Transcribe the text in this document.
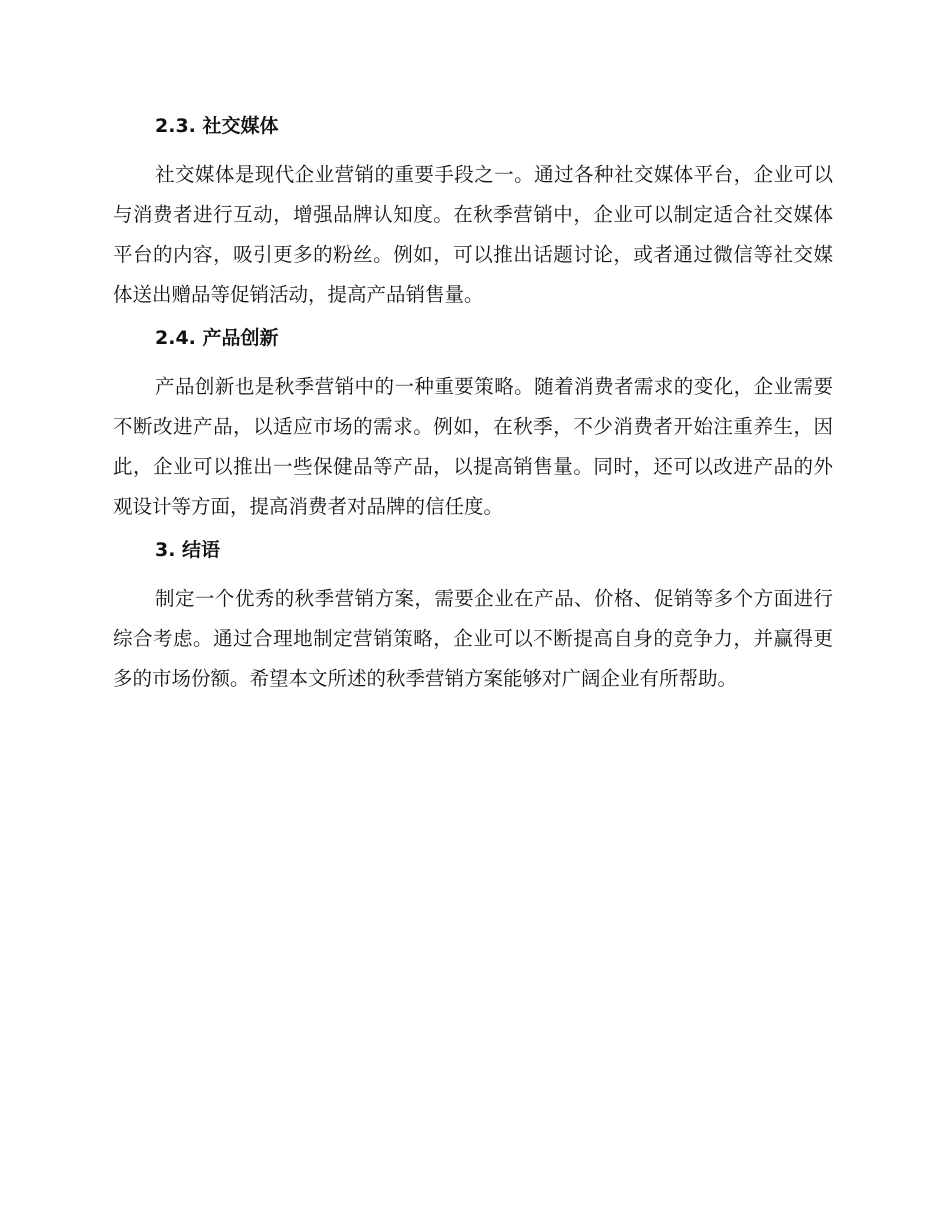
2.3. 社交媒体

社交媒体是现代企业营销的重要手段之一。通过各种社交媒体平台，企业可以与消费者进行互动，增强品牌认知度。在秋季营销中，企业可以制定适合社交媒体平台的内容，吸引更多的粉丝。例如，可以推出话题讨论，或者通过微信等社交媒体送出赠品等促销活动，提高产品销售量。

2.4. 产品创新

产品创新也是秋季营销中的一种重要策略。随着消费者需求的变化，企业需要不断改进产品，以适应市场的需求。例如，在秋季，不少消费者开始注重养生，因此，企业可以推出一些保健品等产品，以提高销售量。同时，还可以改进产品的外观设计等方面，提高消费者对品牌的信任度。

3. 结语

制定一个优秀的秋季营销方案，需要企业在产品、价格、促销等多个方面进行综合考虑。通过合理地制定营销策略，企业可以不断提高自身的竞争力，并赢得更多的市场份额。希望本文所述的秋季营销方案能够对广阔企业有所帮助。
